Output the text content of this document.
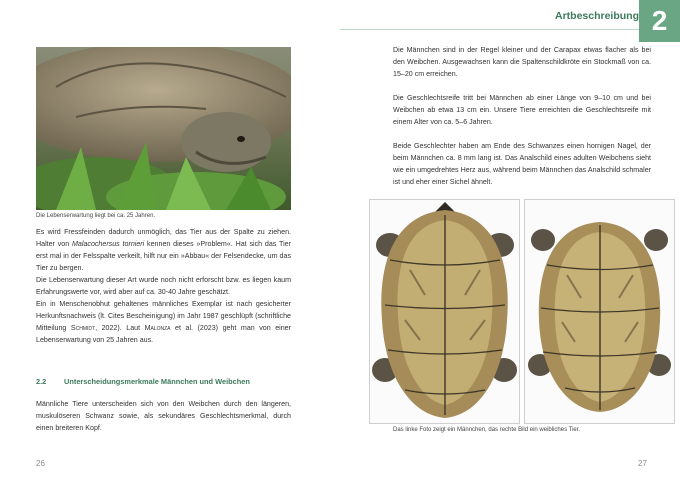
Die Lebenserwartung liegt bei ca. 25 Jahren.

Es wird Fressfeinden dadurch unmöglich, das Tier aus der Spalte zu ziehen. Halter von Malacochersus tornieri kennen dieses »Problem«. Hat sich das Tier erst mal in der Felsspalte verkeilt, hilft nur ein »Abbau« der Felsendecke, um das Tier zu bergen.

Die Lebenserwartung dieser Art wurde noch nicht erforscht bzw. es liegen kaum Erfahrungswerte vor, wird aber auf ca. 30-40 Jahre geschätzt.

Ein in Menschenobhut gehaltenes männliches Exemplar ist nach gesicherter Herkunftsnachweis (lt. Cites Bescheinigung) im Jahr 1987 geschlüpft (schriftliche Mitteilung Schmidt, 2022). Laut Malonza et al. (2023) geht man von einer Lebenserwartung von 25 Jahren aus.

2.2 Unterscheidungsmerkmale Männchen und Weibchen

Männliche Tiere unterscheiden sich von den Weibchen durch den längeren, muskulöseren Schwanz sowie, als sekundäres Geschlechtsmerkmal, durch einen breiteren Kopf.

26
Artbeschreibung 2

Die Männchen sind in der Regel kleiner und der Carapax etwas flacher als bei den Weibchen. Ausgewachsen kann die Spaltenschildkröte ein Stockmaß von ca. 15–20 cm erreichen.

Die Geschlechtsreife tritt bei Männchen ab einer Länge von 9–10 cm und bei Weibchen ab etwa 13 cm ein. Unsere Tiere erreichten die Geschlechtsreife mit einem Alter von ca. 5–6 Jahren.

Beide Geschlechter haben am Ende des Schwanzes einen hornigen Nagel, der beim Männchen ca. 8 mm lang ist. Das Analschild eines adulten Weibchens sieht wie ein umgedrehtes Herz aus, während beim Männchen das Analschild schmaler ist und eher einer Sichel ähnelt.

Das linke Foto zeigt ein Männchen, das rechte Bild ein weibliches Tier.
27
